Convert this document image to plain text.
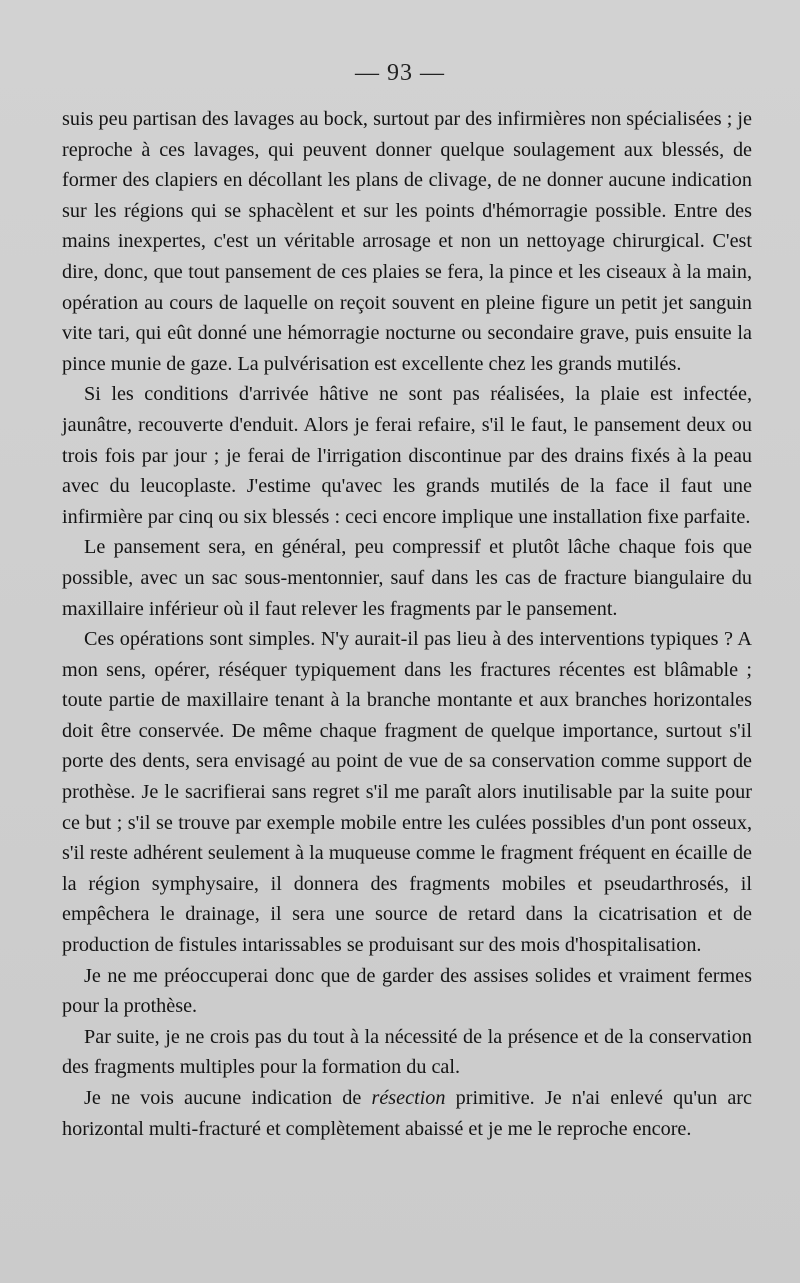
— 93 —

suis peu partisan des lavages au bock, surtout par des infirmières non spécialisées ; je reproche à ces lavages, qui peuvent donner quelque soulagement aux blessés, de former des clapiers en décollant les plans de clivage, de ne donner aucune indication sur les régions qui se sphacèlent et sur les points d'hémorragie possible. Entre des mains inexpertes, c'est un véritable arrosage et non un nettoyage chirurgical. C'est dire, donc, que tout pansement de ces plaies se fera, la pince et les ciseaux à la main, opération au cours de laquelle on reçoit souvent en pleine figure un petit jet sanguin vite tari, qui eût donné une hémorragie nocturne ou secondaire grave, puis ensuite la pince munie de gaze. La pulvérisation est excellente chez les grands mutilés.

Si les conditions d'arrivée hâtive ne sont pas réalisées, la plaie est infectée, jaunâtre, recouverte d'enduit. Alors je ferai refaire, s'il le faut, le pansement deux ou trois fois par jour ; je ferai de l'irrigation discontinue par des drains fixés à la peau avec du leucoplaste. J'estime qu'avec les grands mutilés de la face il faut une infirmière par cinq ou six blessés : ceci encore implique une installation fixe parfaite.

Le pansement sera, en général, peu compressif et plutôt lâche chaque fois que possible, avec un sac sous-mentonnier, sauf dans les cas de fracture biangulaire du maxillaire inférieur où il faut relever les fragments par le pansement.

Ces opérations sont simples. N'y aurait-il pas lieu à des interventions typiques ? A mon sens, opérer, réséquer typiquement dans les fractures récentes est blâmable ; toute partie de maxillaire tenant à la branche montante et aux branches horizontales doit être conservée. De même chaque fragment de quelque importance, surtout s'il porte des dents, sera envisagé au point de vue de sa conservation comme support de prothèse. Je le sacrifierai sans regret s'il me paraît alors inutilisable par la suite pour ce but ; s'il se trouve par exemple mobile entre les culées possibles d'un pont osseux, s'il reste adhérent seulement à la muqueuse comme le fragment fréquent en écaille de la région symphysaire, il donnera des fragments mobiles et pseudarthrosés, il empêchera le drainage, il sera une source de retard dans la cicatrisation et de production de fistules intarissables se produisant sur des mois d'hospitalisation.

Je ne me préoccuperai donc que de garder des assises solides et vraiment fermes pour la prothèse.

Par suite, je ne crois pas du tout à la nécessité de la présence et de la conservation des fragments multiples pour la formation du cal.

Je ne vois aucune indication de résection primitive. Je n'ai enlevé qu'un arc horizontal multi-fracturé et complètement abaissé et je me le reproche encore.
